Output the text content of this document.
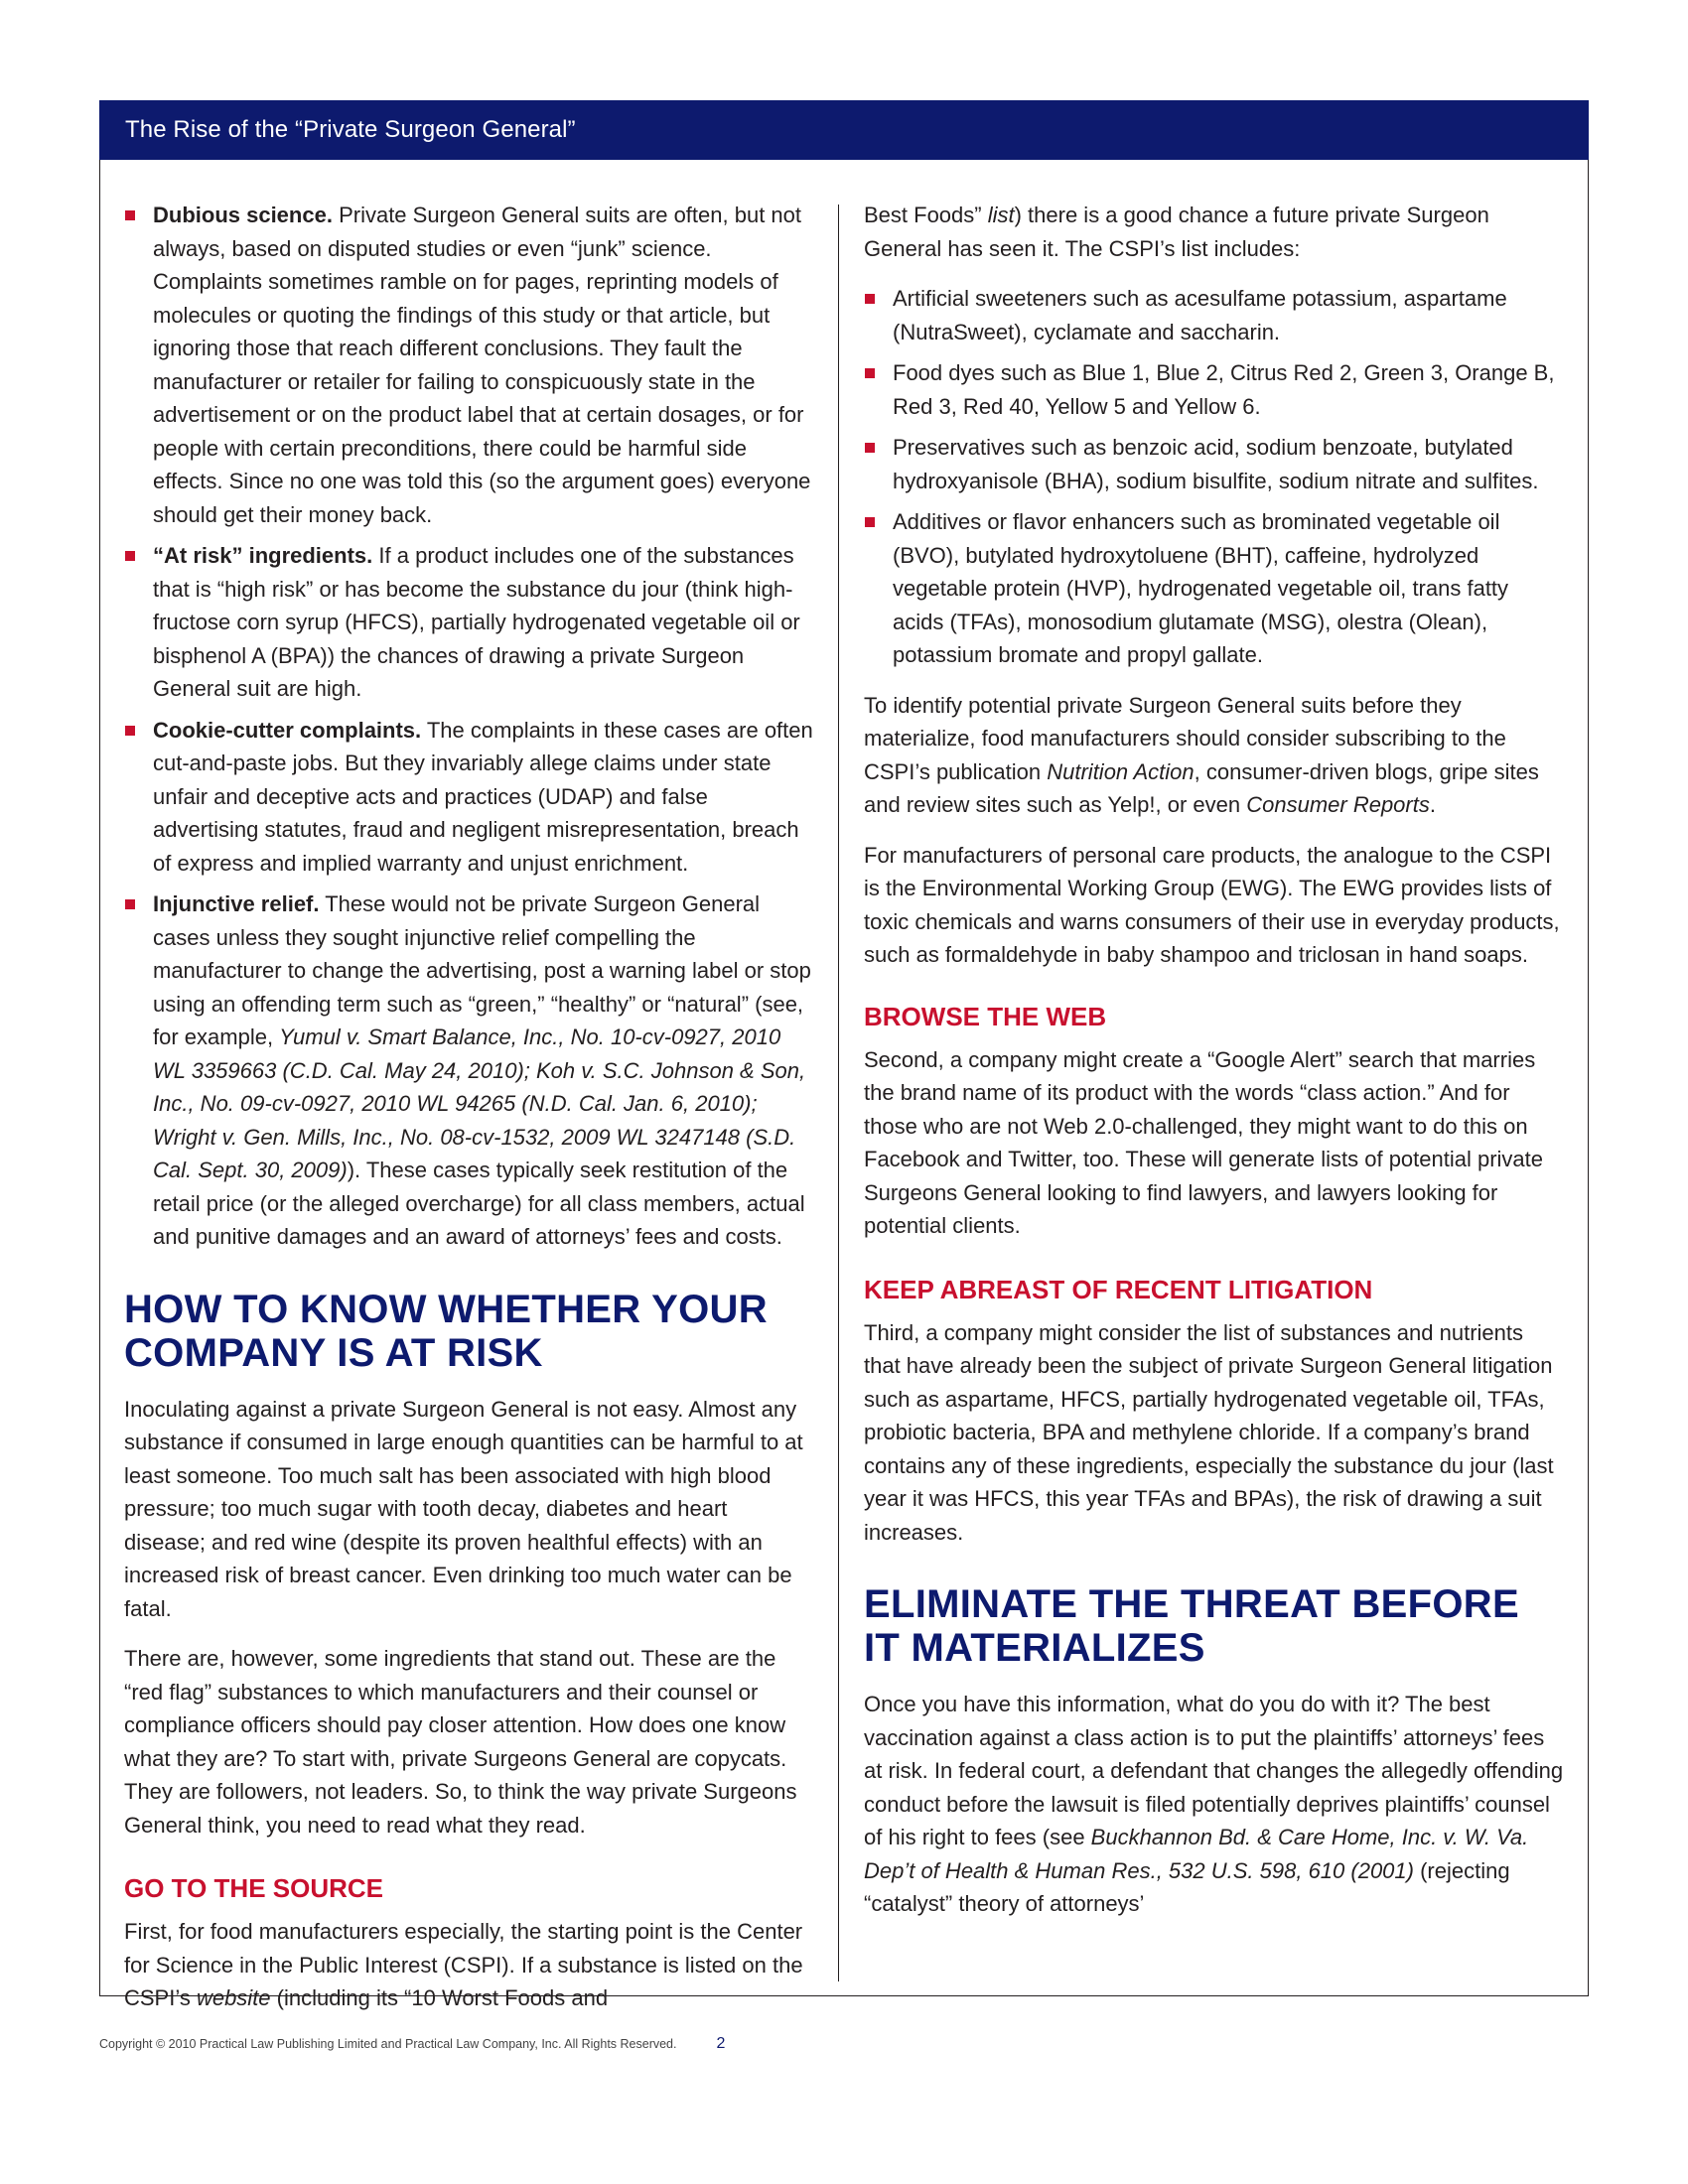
The Rise of the “Private Surgeon General”
Dubious science. Private Surgeon General suits are often, but not always, based on disputed studies or even “junk” science. Complaints sometimes ramble on for pages, reprinting models of molecules or quoting the findings of this study or that article, but ignoring those that reach different conclusions. They fault the manufacturer or retailer for failing to conspicuously state in the advertisement or on the product label that at certain dosages, or for people with certain preconditions, there could be harmful side effects. Since no one was told this (so the argument goes) everyone should get their money back.
“At risk” ingredients. If a product includes one of the substances that is “high risk” or has become the substance du jour (think high-fructose corn syrup (HFCS), partially hydrogenated vegetable oil or bisphenol A (BPA)) the chances of drawing a private Surgeon General suit are high.
Cookie-cutter complaints. The complaints in these cases are often cut-and-paste jobs. But they invariably allege claims under state unfair and deceptive acts and practices (UDAP) and false advertising statutes, fraud and negligent misrepresentation, breach of express and implied warranty and unjust enrichment.
Injunctive relief. These would not be private Surgeon General cases unless they sought injunctive relief compelling the manufacturer to change the advertising, post a warning label or stop using an offending term such as “green,” “healthy” or “natural” (see, for example, Yumul v. Smart Balance, Inc., No. 10-cv-0927, 2010 WL 3359663 (C.D. Cal. May 24, 2010); Koh v. S.C. Johnson & Son, Inc., No. 09-cv-0927, 2010 WL 94265 (N.D. Cal. Jan. 6, 2010); Wright v. Gen. Mills, Inc., No. 08-cv-1532, 2009 WL 3247148 (S.D. Cal. Sept. 30, 2009)). These cases typically seek restitution of the retail price (or the alleged overcharge) for all class members, actual and punitive damages and an award of attorneys’ fees and costs.
HOW TO KNOW WHETHER YOUR COMPANY IS AT RISK

Inoculating against a private Surgeon General is not easy. Almost any substance if consumed in large enough quantities can be harmful to at least someone. Too much salt has been associated with high blood pressure; too much sugar with tooth decay, diabetes and heart disease; and red wine (despite its proven healthful effects) with an increased risk of breast cancer. Even drinking too much water can be fatal.

There are, however, some ingredients that stand out. These are the “red flag” substances to which manufacturers and their counsel or compliance officers should pay closer attention. How does one know what they are? To start with, private Surgeons General are copycats. They are followers, not leaders. So, to think the way private Surgeons General think, you need to read what they read.

GO TO THE SOURCE

First, for food manufacturers especially, the starting point is the Center for Science in the Public Interest (CSPI). If a substance is listed on the CSPI’s website (including its “10 Worst Foods and

Best Foods” list) there is a good chance a future private Surgeon General has seen it. The CSPI’s list includes:

Artificial sweeteners such as acesulfame potassium, aspartame (NutraSweet), cyclamate and saccharin.
Food dyes such as Blue 1, Blue 2, Citrus Red 2, Green 3, Orange B, Red 3, Red 40, Yellow 5 and Yellow 6.
Preservatives such as benzoic acid, sodium benzoate, butylated hydroxyanisole (BHA), sodium bisulfite, sodium nitrate and sulfites.
Additives or flavor enhancers such as brominated vegetable oil (BVO), butylated hydroxytoluene (BHT), caffeine, hydrolyzed vegetable protein (HVP), hydrogenated vegetable oil, trans fatty acids (TFAs), monosodium glutamate (MSG), olestra (Olean), potassium bromate and propyl gallate.

To identify potential private Surgeon General suits before they materialize, food manufacturers should consider subscribing to the CSPI’s publication Nutrition Action, consumer-driven blogs, gripe sites and review sites such as Yelp!, or even Consumer Reports.

For manufacturers of personal care products, the analogue to the CSPI is the Environmental Working Group (EWG). The EWG provides lists of toxic chemicals and warns consumers of their use in everyday products, such as formaldehyde in baby shampoo and triclosan in hand soaps.

BROWSE THE WEB

Second, a company might create a “Google Alert” search that marries the brand name of its product with the words “class action.” And for those who are not Web 2.0-challenged, they might want to do this on Facebook and Twitter, too. These will generate lists of potential private Surgeons General looking to find lawyers, and lawyers looking for potential clients.

KEEP ABREAST OF RECENT LITIGATION

Third, a company might consider the list of substances and nutrients that have already been the subject of private Surgeon General litigation such as aspartame, HFCS, partially hydrogenated vegetable oil, TFAs, probiotic bacteria, BPA and methylene chloride. If a company’s brand contains any of these ingredients, especially the substance du jour (last year it was HFCS, this year TFAs and BPAs), the risk of drawing a suit increases.

ELIMINATE THE THREAT BEFORE IT MATERIALIZES

Once you have this information, what do you do with it? The best vaccination against a class action is to put the plaintiffs’ attorneys’ fees at risk. In federal court, a defendant that changes the allegedly offending conduct before the lawsuit is filed potentially deprives plaintiffs’ counsel of his right to fees (see Buckhannon Bd. & Care Home, Inc. v. W. Va. Dep’t of Health & Human Res., 532 U.S. 598, 610 (2001) (rejecting “catalyst” theory of attorneys’

Copyright © 2010 Practical Law Publishing Limited and Practical Law Company, Inc. All Rights Reserved.	2
